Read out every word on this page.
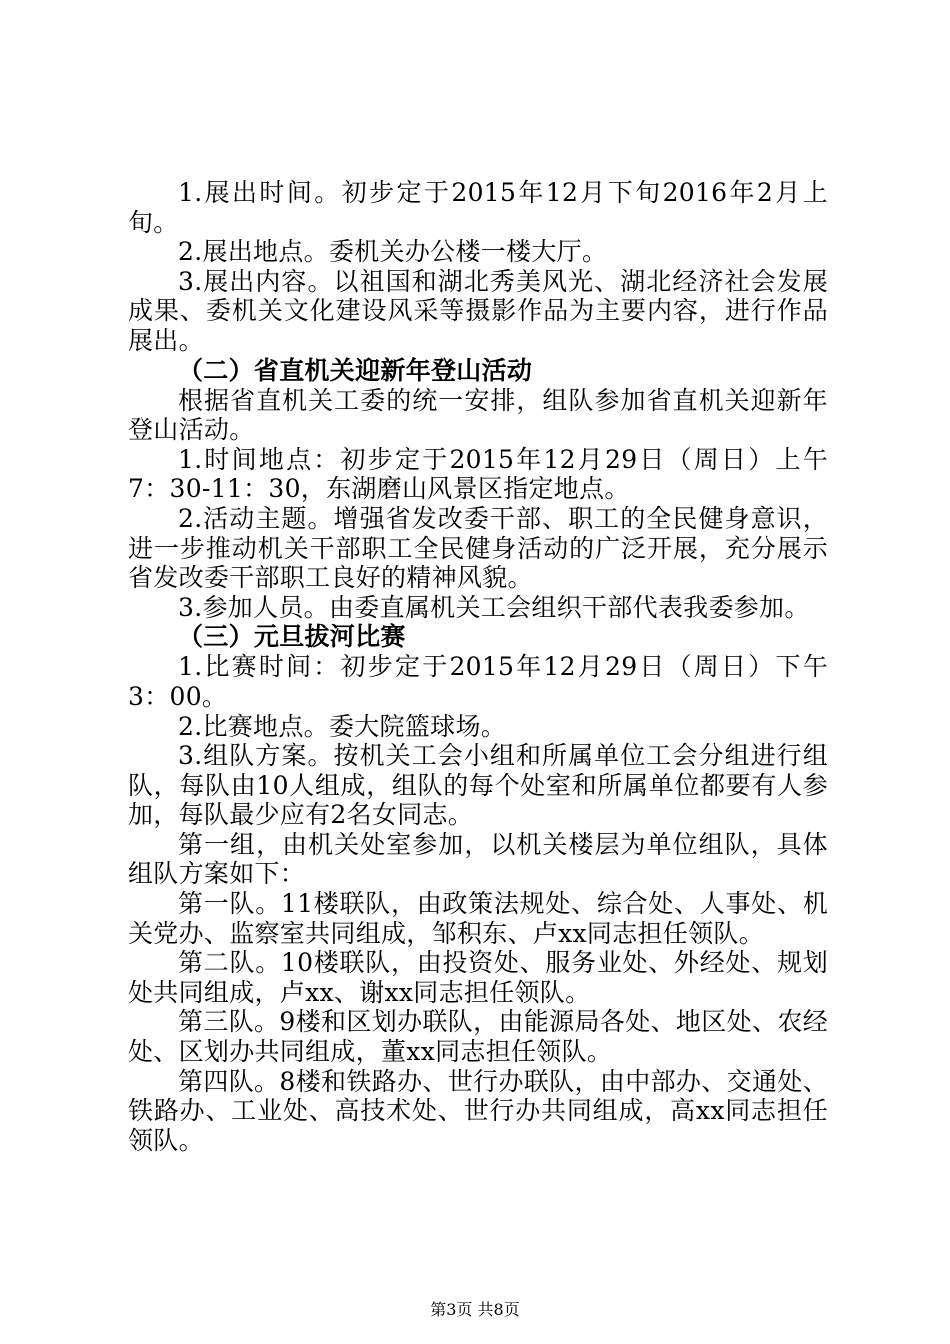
1.展出时间。初步定于2015年12月下旬2016年2月上旬。

2.展出地点。委机关办公楼一楼大厅。

3.展出内容。以祖国和湖北秀美风光、湖北经济社会发展成果、委机关文化建设风采等摄影作品为主要内容，进行作品展出。

（二）省直机关迎新年登山活动

根据省直机关工委的统一安排，组队参加省直机关迎新年登山活动。

1.时间地点：初步定于2015年12月29日（周日）上午7：30-11：30，东湖磨山风景区指定地点。

2.活动主题。增强省发改委干部、职工的全民健身意识，进一步推动机关干部职工全民健身活动的广泛开展，充分展示省发改委干部职工良好的精神风貌。

3.参加人员。由委直属机关工会组织干部代表我委参加。

（三）元旦拔河比赛

1.比赛时间：初步定于2015年12月29日（周日）下午3：00。

2.比赛地点。委大院篮球场。

3.组队方案。按机关工会小组和所属单位工会分组进行组队，每队由10人组成，组队的每个处室和所属单位都要有人参加，每队最少应有2名女同志。

第一组，由机关处室参加，以机关楼层为单位组队，具体组队方案如下：

第一队。11楼联队，由政策法规处、综合处、人事处、机关党办、监察室共同组成，邹积东、卢xx同志担任领队。

第二队。10楼联队，由投资处、服务业处、外经处、规划处共同组成，卢xx、谢xx同志担任领队。

第三队。9楼和区划办联队，由能源局各处、地区处、农经处、区划办共同组成，董xx同志担任领队。

第四队。8楼和铁路办、世行办联队，由中部办、交通处、铁路办、工业处、高技术处、世行办共同组成，高xx同志担任领队。

第3页 共8页
